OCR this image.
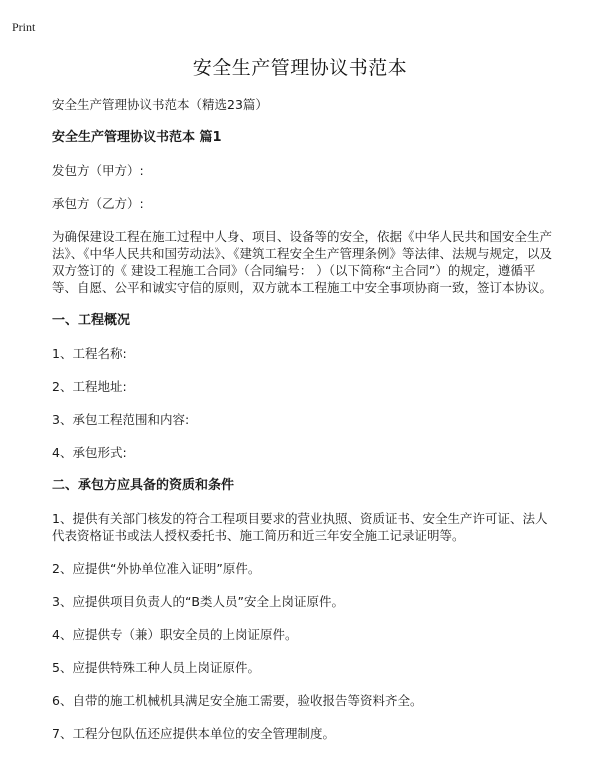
Print
安全生产管理协议书范本

安全生产管理协议书范本（精选23篇）

安全生产管理协议书范本 篇1

发包方（甲方）:

承包方（乙方）:

为确保建设工程在施工过程中人身、项目、设备等的安全，依据《中华人民共和国安全生产法》、《中华人民共和国劳动法》、《建筑工程安全生产管理条例》等法律、法规与规定，以及双方签订的《 建设工程施工合同》（合同编号： ）（以下简称“主合同”）的规定，遵循平等、自愿、公平和诚实守信的原则，双方就本工程施工中安全事项协商一致，签订本协议。

一、工程概况

1、工程名称:

2、工程地址:

3、承包工程范围和内容:

4、承包形式:

二、承包方应具备的资质和条件

1、提供有关部门核发的符合工程项目要求的营业执照、资质证书、安全生产许可证、法人代表资格证书或法人授权委托书、施工简历和近三年安全施工记录证明等。

2、应提供“外协单位准入证明”原件。

3、应提供项目负责人的“B类人员”安全上岗证原件。

4、应提供专（兼）职安全员的上岗证原件。

5、应提供特殊工种人员上岗证原件。

6、自带的施工机械机具满足安全施工需要，验收报告等资料齐全。

7、工程分包队伍还应提供本单位的安全管理制度。
